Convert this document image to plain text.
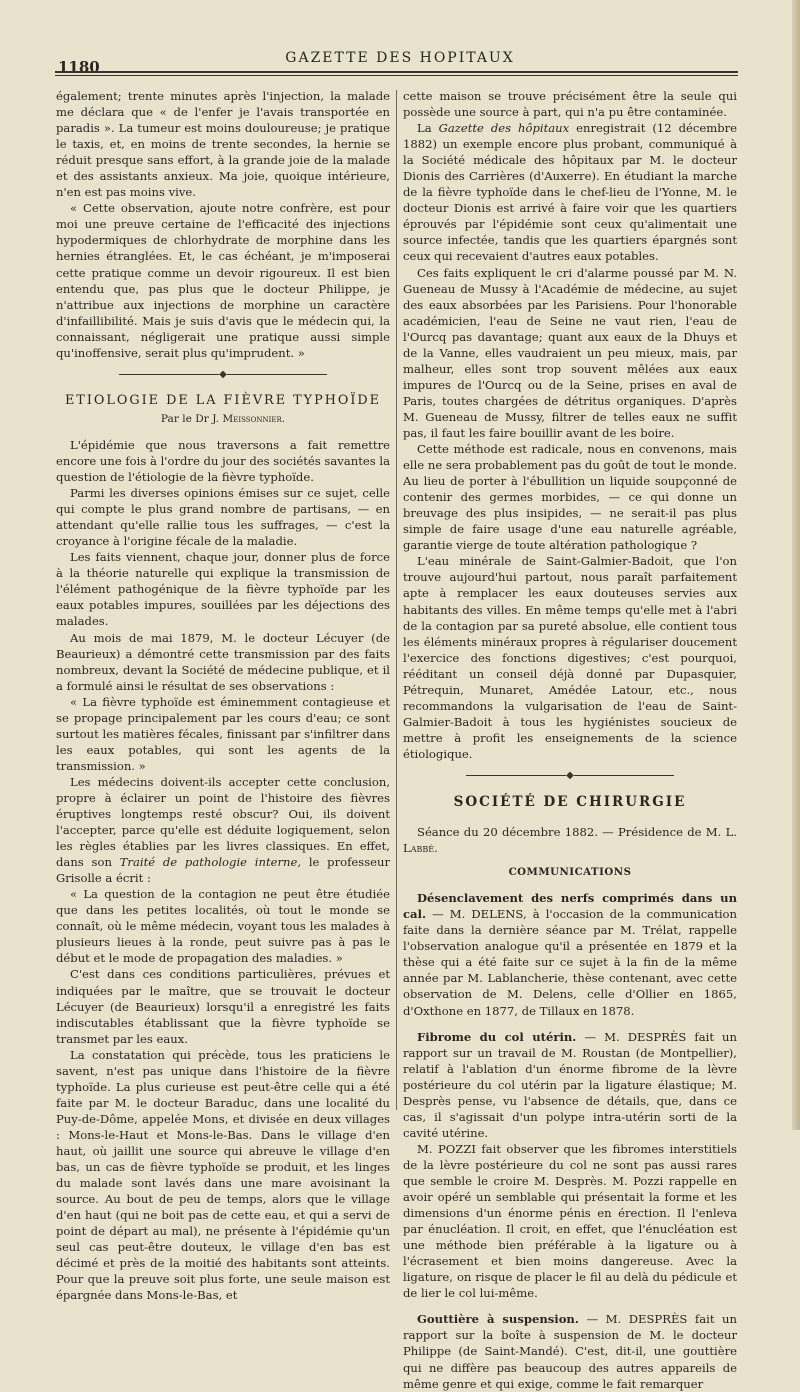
1180	GAZETTE DES HOPITAUX

également; trente minutes après l'injection, la malade me déclara que « de l'enfer je l'avais transportée en paradis ». La tumeur est moins douloureuse; je pratique le taxis, et, en moins de trente secondes, la hernie se réduit presque sans effort, à la grande joie de la malade et des assistants anxieux. Ma joie, quoique intérieure, n'en est pas moins vive.

« Cette observation, ajoute notre confrère, est pour moi une preuve certaine de l'efficacité des injections hypodermiques de chlorhydrate de morphine dans les hernies étranglées. Et, le cas échéant, je m'imposerai cette pratique comme un devoir rigoureux. Il est bien entendu que, pas plus que le docteur Philippe, je n'attribue aux injections de morphine un caractère d'infaillibilité. Mais je suis d'avis que le médecin qui, la connaissant, négligerait une pratique aussi simple qu'inoffensive, serait plus qu'imprudent. »

◆
ETIOLOGIE DE LA FIÈVRE TYPHOÏDE
Par le Dr J. Meissonnier.

L'épidémie que nous traversons a fait remettre encore une fois à l'ordre du jour des sociétés savantes la question de l'étiologie de la fièvre typhoïde.

Parmi les diverses opinions émises sur ce sujet, celle qui compte le plus grand nombre de partisans, — en attendant qu'elle rallie tous les suffrages, — c'est la croyance à l'origine fécale de la maladie.

Les faits viennent, chaque jour, donner plus de force à la théorie naturelle qui explique la transmission de l'élément pathogénique de la fièvre typhoïde par les eaux potables impures, souillées par les déjections des malades.

Au mois de mai 1879, M. le docteur Lécuyer (de Beaurieux) a démontré cette transmission par des faits nombreux, devant la Société de médecine publique, et il a formulé ainsi le résultat de ses observations :

« La fièvre typhoïde est éminemment contagieuse et se propage principalement par les cours d'eau; ce sont surtout les matières fécales, finissant par s'infiltrer dans les eaux potables, qui sont les agents de la transmission. »

Les médecins doivent-ils accepter cette conclusion, propre à éclairer un point de l'histoire des fièvres éruptives longtemps resté obscur? Oui, ils doivent l'accepter, parce qu'elle est déduite logiquement, selon les règles établies par les livres classiques. En effet, dans son Traité de pathologie interne, le professeur Grisolle a écrit :

« La question de la contagion ne peut être étudiée que dans les petites localités, où tout le monde se connaît, où le même médecin, voyant tous les malades à plusieurs lieues à la ronde, peut suivre pas à pas le début et le mode de propagation des maladies. »

C'est dans ces conditions particulières, prévues et indiquées par le maître, que se trouvait le docteur Lécuyer (de Beaurieux) lorsqu'il a enregistré les faits indiscutables établissant que la fièvre typhoïde se transmet par les eaux.

La constatation qui précède, tous les praticiens le savent, n'est pas unique dans l'histoire de la fièvre typhoïde. La plus curieuse est peut-être celle qui a été faite par M. le docteur Baraduc, dans une localité du Puy-de-Dôme, appelée Mons, et divisée en deux villages : Mons-le-Haut et Mons-le-Bas. Dans le village d'en haut, où jaillit une source qui abreuve le village d'en bas, un cas de fièvre typhoïde se produit, et les linges du malade sont lavés dans une mare avoisinant la source. Au bout de peu de temps, alors que le village d'en haut (qui ne boit pas de cette eau, et qui a servi de point de départ au mal), ne présente à l'épidémie qu'un seul cas peut-être douteux, le village d'en bas est décimé et près de la moitié des habitants sont atteints. Pour que la preuve soit plus forte, une seule maison est épargnée dans Mons-le-Bas, et

cette maison se trouve précisément être la seule qui possède une source à part, qui n'a pu être contaminée.

La Gazette des hôpitaux enregistrait (12 décembre 1882) un exemple encore plus probant, communiqué à la Société médicale des hôpitaux par M. le docteur Dionis des Carrières (d'Auxerre). En étudiant la marche de la fièvre typhoïde dans le chef-lieu de l'Yonne, M. le docteur Dionis est arrivé à faire voir que les quartiers éprouvés par l'épidémie sont ceux qu'alimentait une source infectée, tandis que les quartiers épargnés sont ceux qui recevaient d'autres eaux potables.

Ces faits expliquent le cri d'alarme poussé par M. N. Gueneau de Mussy à l'Académie de médecine, au sujet des eaux absorbées par les Parisiens. Pour l'honorable académicien, l'eau de Seine ne vaut rien, l'eau de l'Ourcq pas davantage; quant aux eaux de la Dhuys et de la Vanne, elles vaudraient un peu mieux, mais, par malheur, elles sont trop souvent mêlées aux eaux impures de l'Ourcq ou de la Seine, prises en aval de Paris, toutes chargées de détritus organiques. D'après M. Gueneau de Mussy, filtrer de telles eaux ne suffit pas, il faut les faire bouillir avant de les boire.

Cette méthode est radicale, nous en convenons, mais elle ne sera probablement pas du goût de tout le monde. Au lieu de porter à l'ébullition un liquide soupçonné de contenir des germes morbides, — ce qui donne un breuvage des plus insipides, — ne serait-il pas plus simple de faire usage d'une eau naturelle agréable, garantie vierge de toute altération pathologique ?

L'eau minérale de Saint-Galmier-Badoit, que l'on trouve aujourd'hui partout, nous paraît parfaitement apte à remplacer les eaux douteuses servies aux habitants des villes. En même temps qu'elle met à l'abri de la contagion par sa pureté absolue, elle contient tous les éléments minéraux propres à régulariser doucement l'exercice des fonctions digestives; c'est pourquoi, rééditant un conseil déjà donné par Dupasquier, Pétrequin, Munaret, Amédée Latour, etc., nous recommandons la vulgarisation de l'eau de Saint-Galmier-Badoit à tous les hygiénistes soucieux de mettre à profit les enseignements de la science étiologique.

◆
SOCIÉTÉ DE CHIRURGIE
Séance du 20 décembre 1882. — Présidence de M. L. Labbé.
COMMUNICATIONS

Désenclavement des nerfs comprimés dans un cal. — M. DELENS, à l'occasion de la communication faite dans la dernière séance par M. Trélat, rappelle l'observation analogue qu'il a présentée en 1879 et la thèse qui a été faite sur ce sujet à la fin de la même année par M. Lablancherie, thèse contenant, avec cette observation de M. Delens, celle d'Ollier en 1865, d'Oxthone en 1877, de Tillaux en 1878.

Fibrome du col utérin. — M. DESPRÈS fait un rapport sur un travail de M. Roustan (de Montpellier), relatif à l'ablation d'un énorme fibrome de la lèvre postérieure du col utérin par la ligature élastique; M. Desprès pense, vu l'absence de détails, que, dans ce cas, il s'agissait d'un polype intra-utérin sorti de la cavité utérine.

M. POZZI fait observer que les fibromes interstitiels de la lèvre postérieure du col ne sont pas aussi rares que semble le croire M. Desprès. M. Pozzi rappelle en avoir opéré un semblable qui présentait la forme et les dimensions d'un énorme pénis en érection. Il l'enleva par énucléation. Il croit, en effet, que l'énucléation est une méthode bien préférable à la ligature ou à l'écrasement et bien moins dangereuse. Avec la ligature, on risque de placer le fil au delà du pédicule et de lier le col lui-même.

Gouttière à suspension. — M. DESPRÈS fait un rapport sur la boîte à suspension de M. le docteur Philippe (de Saint-Mandé). C'est, dit-il, une gouttière qui ne diffère pas beaucoup des autres appareils de même genre et qui exige, comme le fait remarquer
